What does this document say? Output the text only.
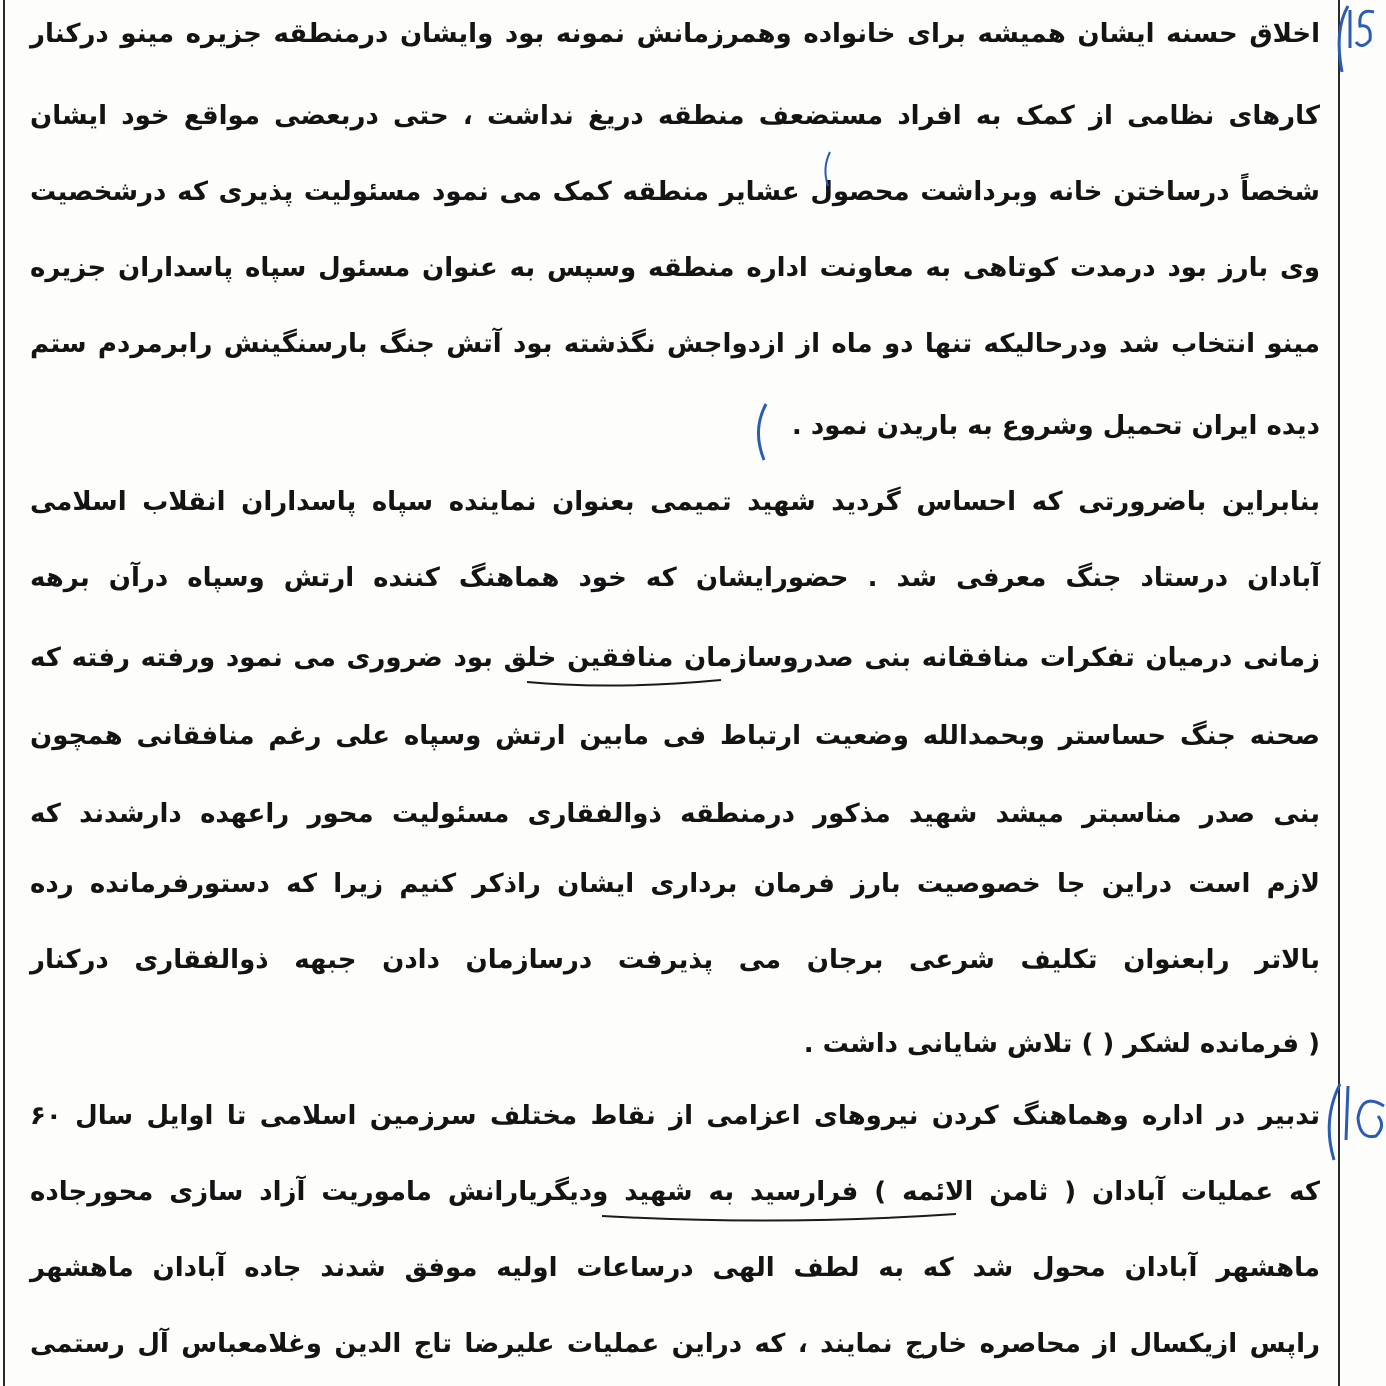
اخلاق حسنه ایشان همیشه برای خانواده وهمرزمانش نمونه بود وایشان درمنطقه جزیره مینو درکنار
کارهای نظامی از کمک به افراد مستضعف منطقه دریغ نداشت ، حتی دربعضی مواقع خود ایشان
شخصاً درساختن خانه وبرداشت محصول عشایر منطقه کمک می نمود مسئولیت پذیری که درشخصیت
وی بارز بود درمدت کوتاهی به معاونت اداره منطقه وسپس به عنوان مسئول سپاه پاسداران جزیره
مینو انتخاب شد ودرحالیکه تنها دو ماه از ازدواجش نگذشته بود آتش جنگ بارسنگینش رابرمردم ستم
دیده ایران تحمیل وشروع به باریدن نمود .
بنابراین باضرورتی که احساس گردید شهید تمیمی بعنوان نماینده سپاه پاسداران انقلاب اسلامی
آبادان درستاد جنگ معرفی شد . حضورایشان که خود هماهنگ کننده ارتش وسپاه درآن برهه
زمانی درمیان تفکرات منافقانه بنی صدروسازمان منافقین خلق بود ضروری می نمود ورفته رفته که
صحنه جنگ حساستر وبحمدالله وضعیت ارتباط فی مابین ارتش وسپاه علی رغم منافقانی همچون
بنی صدر مناسبتر میشد شهید مذکور درمنطقه ذوالفقاری مسئولیت محور راعهده دارشدند که
لازم است دراین جا خصوصیت بارز فرمان برداری ایشان راذکر کنیم زیرا که دستورفرمانده رده
بالاتر رابعنوان تکلیف شرعی برجان می پذیرفت درسازمان دادن جبهه ذوالفقاری درکنار
( فرمانده لشکر ( ) تلاش شایانی داشت .
تدبیر در اداره وهماهنگ کردن نیروهای اعزامی از نقاط مختلف سرزمین اسلامی تا اوایل سال ۶۰
که عملیات آبادان ( ثامن الائمه ) فرارسید به شهید ودیگریارانش ماموریت آزاد سازی محورجاده
ماهشهر آبادان محول شد که به لطف الهی درساعات اولیه موفق شدند جاده آبادان ماهشهر
راپس ازیکسال از محاصره خارج نمایند ، که دراین عملیات علیرضا تاج الدین وغلامعباس آل رستمی
